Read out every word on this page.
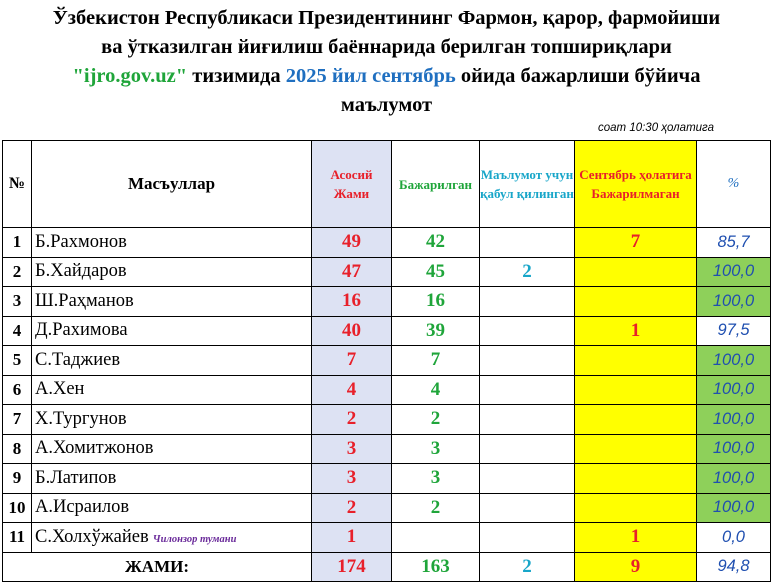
Ўзбекистон Республикаси Президентининг Фармон, қарор, фармойиши
ва ўтказилган йиғилиш баённарида берилган топшириқлари
"ijro.gov.uz" тизимида 2025 йил сентябрь ойида бажарлиши бўйича
маълумот
соат 10:30 ҳолатига
№	Масъуллар	Асосий Жами	Бажарилган	Маълумот учун қабул қилинган	Сентябрь ҳолатига Бажарилмаган	%
1	Б.Рахмонов	49	42		7	85,7
2	Б.Хайдаров	47	45	2		100,0
3	Ш.Раҳманов	16	16			100,0
4	Д.Рахимова	40	39		1	97,5
5	С.Таджиев	7	7			100,0
6	А.Хен	4	4			100,0
7	Х.Тургунов	2	2			100,0
8	А.Хомитжонов	3	3			100,0
9	Б.Латипов	3	3			100,0
10	А.Исраилов	2	2			100,0
11	С.Холхўжайев Чилонзор тумани	1			1	0,0
ЖАМИ:		174	163	2	9	94,8
